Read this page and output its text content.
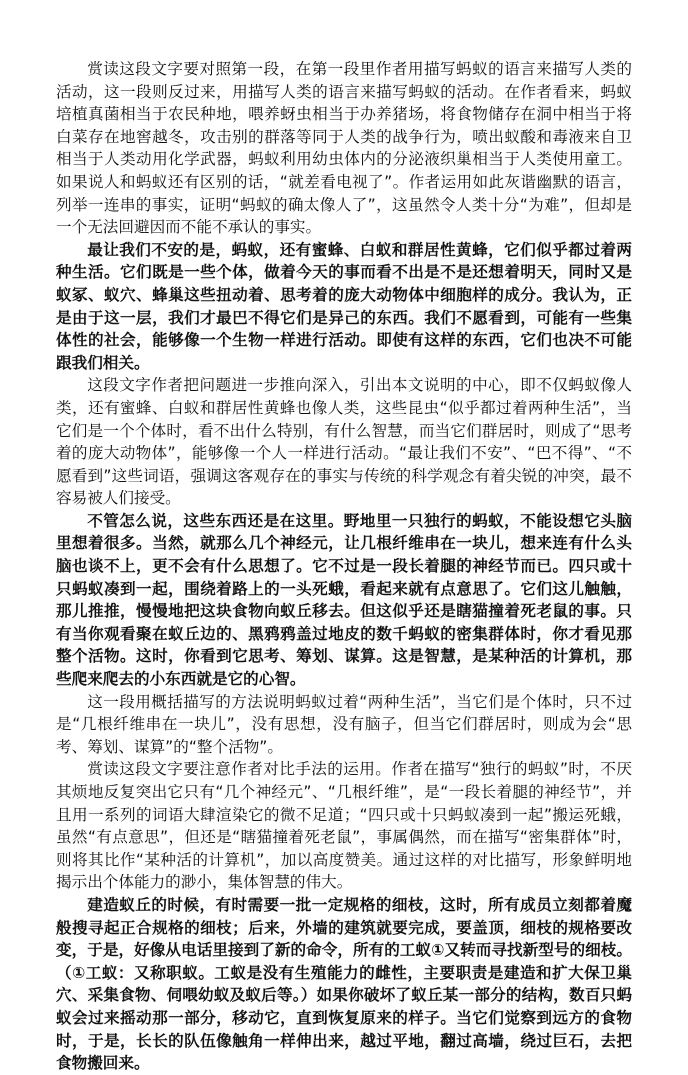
赏读这段文字要对照第一段，在第一段里作者用描写蚂蚁的语言来描写人类的活动，这一段则反过来，用描写人类的语言来描写蚂蚁的活动。在作者看来，蚂蚁培植真菌相当于农民种地，喂养蚜虫相当于办养猪场，将食物储存在洞中相当于将白菜存在地窖越冬，攻击别的群落等同于人类的战争行为，喷出蚁酸和毒液来自卫相当于人类动用化学武器，蚂蚁利用幼虫体内的分泌液织巢相当于人类使用童工。如果说人和蚂蚁还有区别的话，“就差看电视了”。作者运用如此灰谐幽默的语言，列举一连串的事实，证明“蚂蚁的确太像人了”，这虽然令人类十分“为难”，但却是一个无法回避因而不能不承认的事实。

最让我们不安的是，蚂蚁，还有蜜蜂、白蚁和群居性黄蜂，它们似乎都过着两种生活。它们既是一些个体，做着今天的事而看不出是不是还想着明天，同时又是蚁冢、蚁穴、蜂巢这些扭动着、思考着的庞大动物体中细胞样的成分。我认为，正是由于这一层，我们才最巴不得它们是异己的东西。我们不愿看到，可能有一些集体性的社会，能够像一个生物一样进行活动。即使有这样的东西，它们也决不可能跟我们相关。

这段文字作者把问题进一步推向深入，引出本文说明的中心，即不仅蚂蚁像人类，还有蜜蜂、白蚁和群居性黄蜂也像人类，这些昆虫“似乎都过着两种生活”，当它们是一个个体时，看不出什么特别，有什么智慧，而当它们群居时，则成了“思考着的庞大动物体”，能够像一个人一样进行活动。“最让我们不安”、“巴不得”、“不愿看到”这些词语，强调这客观存在的事实与传统的科学观念有着尖锐的冲突，最不容易被人们接受。

不管怎么说，这些东西还是在这里。野地里一只独行的蚂蚁，不能设想它头脑里想着很多。当然，就那么几个神经元，让几根纤维串在一块儿，想来连有什么头脑也谈不上，更不会有什么思想了。它不过是一段长着腿的神经节而已。四只或十只蚂蚁凑到一起，围绕着路上的一头死蛾，看起来就有点意思了。它们这儿触触，那儿推推，慢慢地把这块食物向蚁丘移去。但这似乎还是瞎猫撞着死老鼠的事。只有当你观看聚在蚁丘边的、黑鸦鸦盖过地皮的数千蚂蚁的密集群体时，你才看见那整个活物。这时，你看到它思考、筹划、谋算。这是智慧，是某种活的计算机，那些爬来爬去的小东西就是它的心智。

这一段用概括描写的方法说明蚂蚁过着“两种生活”，当它们是个体时，只不过是“几根纤维串在一块儿”，没有思想，没有脑子，但当它们群居时，则成为会“思考、筹划、谋算”的“整个活物”。

赏读这段文字要注意作者对比手法的运用。作者在描写“独行的蚂蚁”时，不厌其烦地反复突出它只有“几个神经元”、“几根纤维”，是“一段长着腿的神经节”，并且用一系列的词语大肆渲染它的微不足道；“四只或十只蚂蚁凑到一起”搬运死蛾，虽然“有点意思”，但还是“瞎猫撞着死老鼠”，事属偶然，而在描写“密集群体”时，则将其比作“某种活的计算机”，加以高度赞美。通过这样的对比描写，形象鲜明地揭示出个体能力的渺小，集体智慧的伟大。

建造蚁丘的时候，有时需要一批一定规格的细枝，这时，所有成员立刻都着魔般搜寻起正合规格的细枝；后来，外墙的建筑就要完成，要盖顶，细枝的规格要改变，于是，好像从电话里接到了新的命令，所有的工蚁①又转而寻找新型号的细枝。（①工蚁：又称职蚁。工蚁是没有生殖能力的雌性，主要职责是建造和扩大保卫巢穴、采集食物、伺喂幼蚁及蚁后等。）如果你破坏了蚁丘某一部分的结构，数百只蚂蚁会过来摇动那一部分，移动它，直到恢复原来的样子。当它们觉察到远方的食物时，于是，长长的队伍像触角一样伸出来，越过平地，翻过高墙，绕过巨石，去把食物搬回来。
